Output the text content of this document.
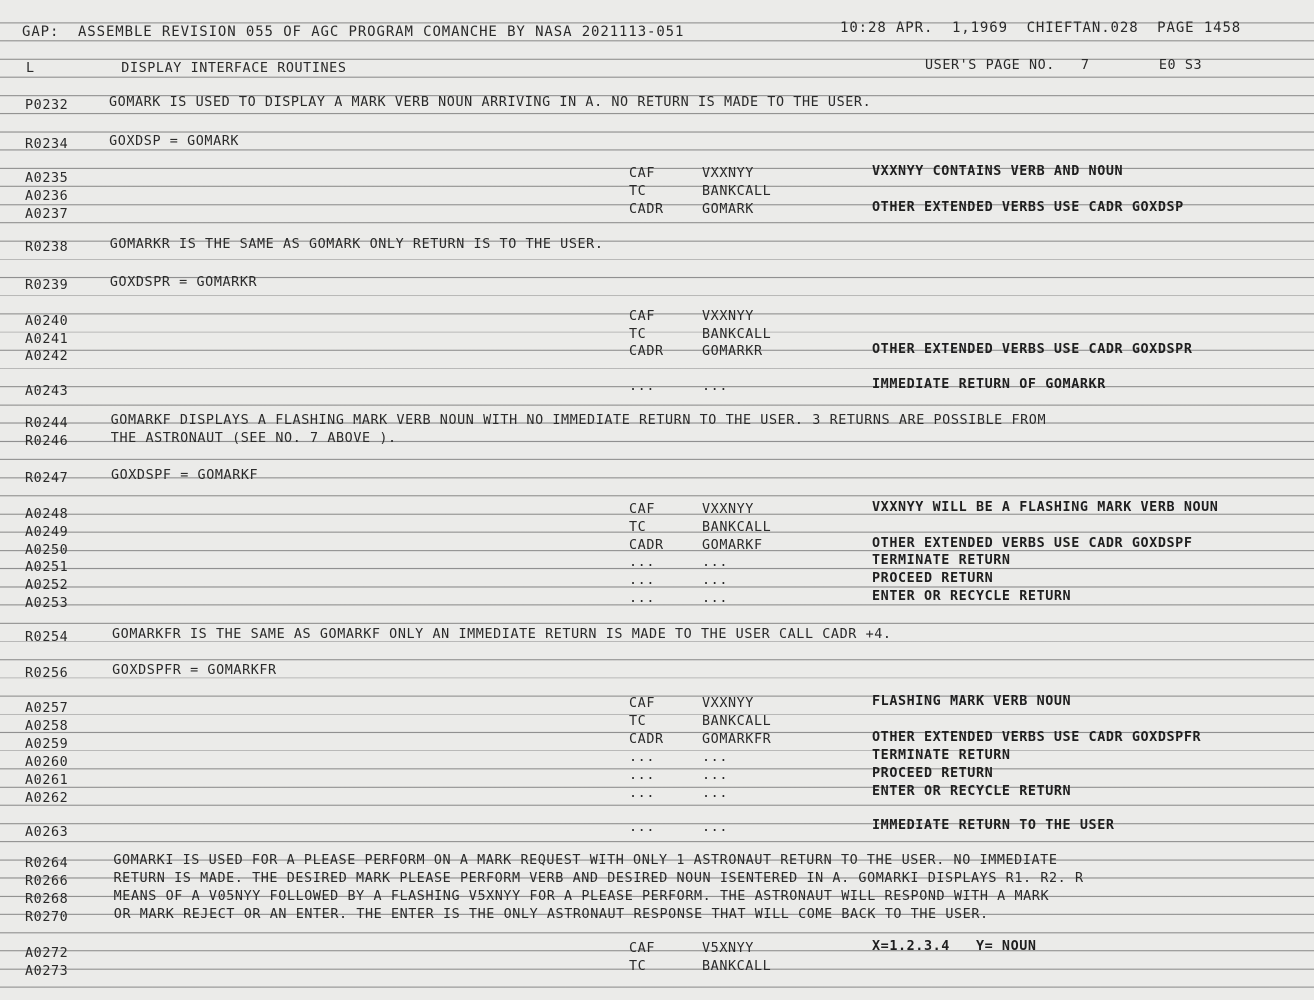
GAP:  ASSEMBLE REVISION 055 OF AGC PROGRAM COMANCHE BY NASA 2021113-051	10:28 APR.  1,1969  CHIEFTAN.028  PAGE 1458
L          DISPLAY INTERFACE ROUTINES	USER'S PAGE NO.   7        E0 S3
P0232	GOMARK IS USED TO DISPLAY A MARK VERB NOUN ARRIVING IN A. NO RETURN IS MADE TO THE USER.
R0234	GOXDSP = GOMARK
A0235	CAF	VXXNYY	VXXNYY CONTAINS VERB AND NOUN
A0236	TC	BANKCALL
A0237	CADR	GOMARK	OTHER EXTENDED VERBS USE CADR GOXDSP
R0238	GOMARKR IS THE SAME AS GOMARK ONLY RETURN IS TO THE USER.
R0239	GOXDSPR = GOMARKR
A0240	CAF	VXXNYY
A0241	TC	BANKCALL
A0242	CADR	GOMARKR	OTHER EXTENDED VERBS USE CADR GOXDSPR
A0243	...	...	IMMEDIATE RETURN OF GOMARKR
R0244	GOMARKF DISPLAYS A FLASHING MARK VERB NOUN WITH NO IMMEDIATE RETURN TO THE USER. 3 RETURNS ARE POSSIBLE FROM
R0246	THE ASTRONAUT (SEE NO. 7 ABOVE ).
R0247	GOXDSPF = GOMARKF
A0248	CAF	VXXNYY	VXXNYY WILL BE A FLASHING MARK VERB NOUN
A0249	TC	BANKCALL
A0250	CADR	GOMARKF	OTHER EXTENDED VERBS USE CADR GOXDSPF
A0251	...	...	TERMINATE RETURN
A0252	...	...	PROCEED RETURN
A0253	...	...	ENTER OR RECYCLE RETURN
R0254	GOMARKFR IS THE SAME AS GOMARKF ONLY AN IMMEDIATE RETURN IS MADE TO THE USER CALL CADR +4.
R0256	GOXDSPFR = GOMARKFR
A0257	CAF	VXXNYY	FLASHING MARK VERB NOUN
A0258	TC	BANKCALL
A0259	CADR	GOMARKFR	OTHER EXTENDED VERBS USE CADR GOXDSPFR
A0260	...	...	TERMINATE RETURN
A0261	...	...	PROCEED RETURN
A0262	...	...	ENTER OR RECYCLE RETURN
A0263	...	...	IMMEDIATE RETURN TO THE USER
R0264	GOMARKI IS USED FOR A PLEASE PERFORM ON A MARK REQUEST WITH ONLY 1 ASTRONAUT RETURN TO THE USER. NO IMMEDIATE
R0266	RETURN IS MADE. THE DESIRED MARK PLEASE PERFORM VERB AND DESIRED NOUN ISENTERED IN A. GOMARKI DISPLAYS R1. R2. R
R0268	MEANS OF A V05NYY FOLLOWED BY A FLASHING V5XNYY FOR A PLEASE PERFORM. THE ASTRONAUT WILL RESPOND WITH A MARK
R0270	OR MARK REJECT OR AN ENTER. THE ENTER IS THE ONLY ASTRONAUT RESPONSE THAT WILL COME BACK TO THE USER.
A0272	CAF	V5XNYY	X=1.2.3.4   Y= NOUN
A0273	TC	BANKCALL
